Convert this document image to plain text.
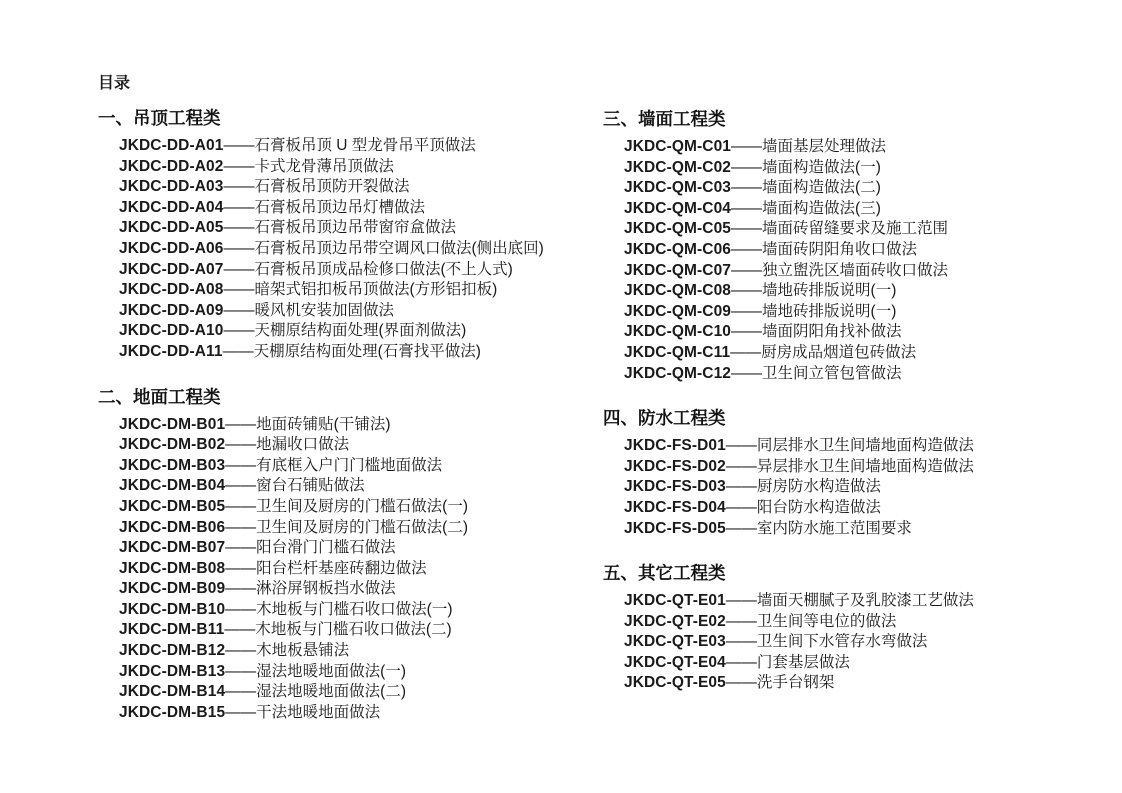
目录
一、吊顶工程类
JKDC-DD-A01——石膏板吊顶 U 型龙骨吊平顶做法
JKDC-DD-A02——卡式龙骨薄吊顶做法
JKDC-DD-A03——石膏板吊顶防开裂做法
JKDC-DD-A04——石膏板吊顶边吊灯槽做法
JKDC-DD-A05——石膏板吊顶边吊带窗帘盒做法
JKDC-DD-A06——石膏板吊顶边吊带空调风口做法(侧出底回)
JKDC-DD-A07——石膏板吊顶成品检修口做法(不上人式)
JKDC-DD-A08——暗架式铝扣板吊顶做法(方形铝扣板)
JKDC-DD-A09——暖风机安装加固做法
JKDC-DD-A10——天棚原结构面处理(界面剂做法)
JKDC-DD-A11——天棚原结构面处理(石膏找平做法)
二、地面工程类
JKDC-DM-B01——地面砖铺贴(干铺法)
JKDC-DM-B02——地漏收口做法
JKDC-DM-B03——有底框入户门门槛地面做法
JKDC-DM-B04——窗台石铺贴做法
JKDC-DM-B05——卫生间及厨房的门槛石做法(一)
JKDC-DM-B06——卫生间及厨房的门槛石做法(二)
JKDC-DM-B07——阳台滑门门槛石做法
JKDC-DM-B08——阳台栏杆基座砖翻边做法
JKDC-DM-B09——淋浴屏钢板挡水做法
JKDC-DM-B10——木地板与门槛石收口做法(一)
JKDC-DM-B11——木地板与门槛石收口做法(二)
JKDC-DM-B12——木地板悬铺法
JKDC-DM-B13——湿法地暖地面做法(一)
JKDC-DM-B14——湿法地暖地面做法(二)
JKDC-DM-B15——干法地暖地面做法
三、墙面工程类
JKDC-QM-C01——墙面基层处理做法
JKDC-QM-C02——墙面构造做法(一)
JKDC-QM-C03——墙面构造做法(二)
JKDC-QM-C04——墙面构造做法(三)
JKDC-QM-C05——墙面砖留缝要求及施工范围
JKDC-QM-C06——墙面砖阴阳角收口做法
JKDC-QM-C07——独立盥洗区墙面砖收口做法
JKDC-QM-C08——墙地砖排版说明(一)
JKDC-QM-C09——墙地砖排版说明(一)
JKDC-QM-C10——墙面阴阳角找补做法
JKDC-QM-C11——厨房成品烟道包砖做法
JKDC-QM-C12——卫生间立管包管做法
四、防水工程类
JKDC-FS-D01——同层排水卫生间墙地面构造做法
JKDC-FS-D02——异层排水卫生间墙地面构造做法
JKDC-FS-D03——厨房防水构造做法
JKDC-FS-D04——阳台防水构造做法
JKDC-FS-D05——室内防水施工范围要求
五、其它工程类
JKDC-QT-E01——墙面天棚腻子及乳胶漆工艺做法
JKDC-QT-E02——卫生间等电位的做法
JKDC-QT-E03——卫生间下水管存水弯做法
JKDC-QT-E04——门套基层做法
JKDC-QT-E05——洗手台钢架
